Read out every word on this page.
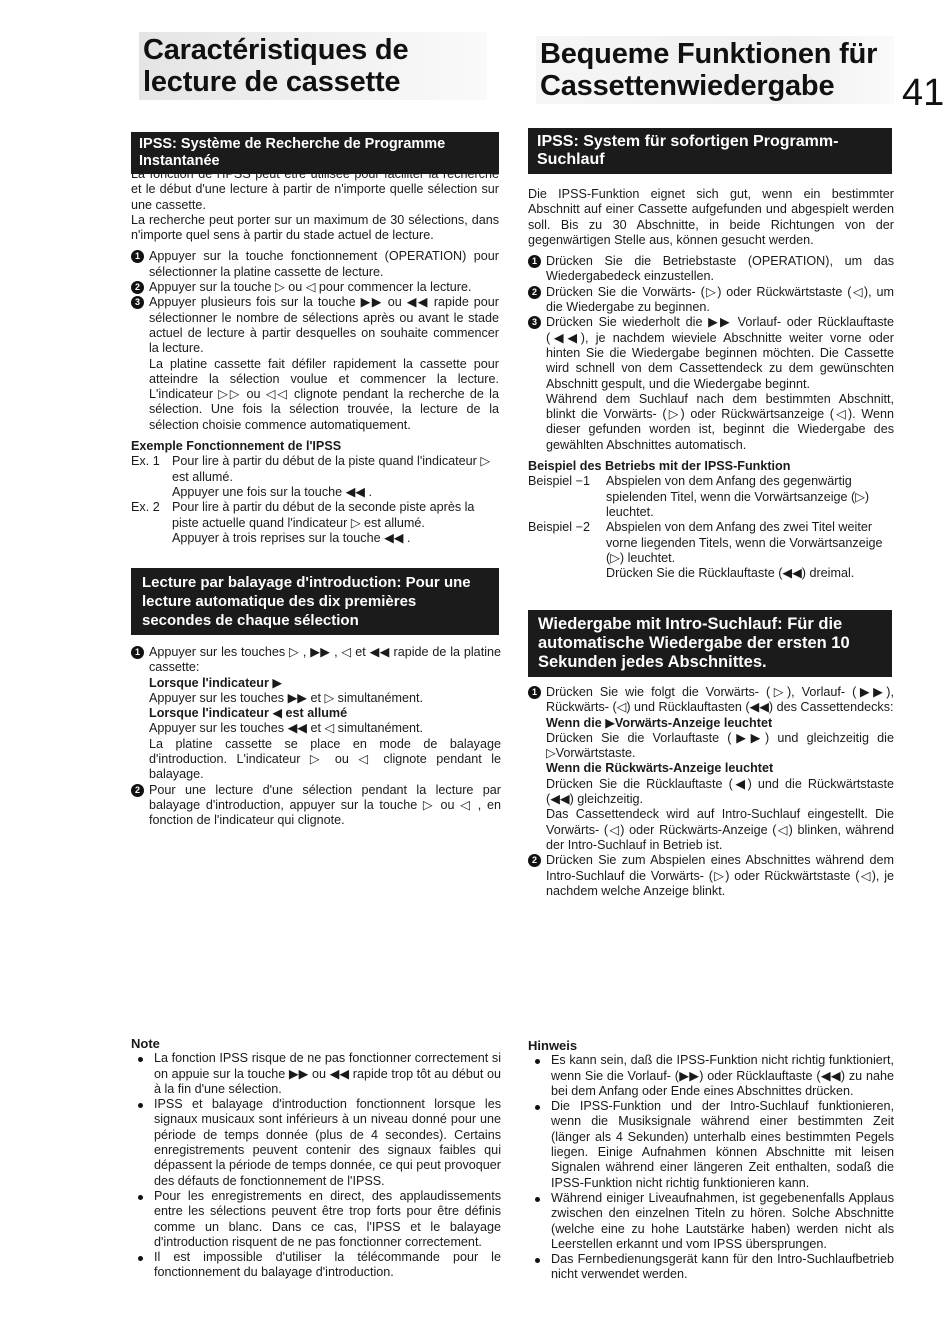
41
Caractéristiques de lecture de cassette
IPSS: Système de Recherche de Programme Instantanée

La fonction de l'IPSS peut être utilisée pour faciliter la recherche et le début d'une lecture à partir de n'importe quelle sélection sur une cassette.

La recherche peut porter sur un maximum de 30 sélections, dans n'importe quel sens à partir du stade actuel de lecture.

1 Appuyer sur la touche fonctionnement (OPERATION) pour sélectionner la platine cassette de lecture.
2 Appuyer sur la touche ▷ ou ◁ pour commencer la lecture.
3 Appuyer plusieurs fois sur la touche ▶▶ ou ◀◀ rapide pour sélectionner le nombre de sélections après ou avant le stade actuel de lecture à partir desquelles on souhaite commencer la lecture.
La platine cassette fait défiler rapidement la cassette pour atteindre la sélection voulue et commencer la lecture. L'indicateur ▷▷ ou ◁◁ clignote pendant la recherche de la sélection. Une fois la sélection trouvée, la lecture de la sélection choisie commence automatiquement.

Exemple Fonctionnement de l'IPSS

Ex. 1 Pour lire à partir du début de la piste quand l'indicateur ▷ est allumé.
Appuyer une fois sur la touche ◀◀ .
Ex. 2 Pour lire à partir du début de la seconde piste après la piste actuelle quand l'indicateur ▷ est allumé.
Appuyer à trois reprises sur la touche ◀◀ .
Lecture par balayage d'introduction: Pour une lecture automatique des dix premières secondes de chaque sélection
1 Appuyer sur les touches ▷ , ▶▶ , ◁ et ◀◀ rapide de la platine cassette:

Lorsque l'indicateur ▶
Appuyer sur les touches ▶▶ et ▷ simultanément.
Lorsque l'indicateur ◀ est allumé
Appuyer sur les touches ◀◀ et ◁ simultanément.
La platine cassette se place en mode de balayage d'introduction. L'indicateur ▷ ou ◁ clignote pendant le balayage.
2 Pour une lecture d'une sélection pendant la lecture par balayage d'introduction, appuyer sur la touche ▷ ou ◁ , en fonction de l'indicateur qui clignote.

Note

La fonction IPSS risque de ne pas fonctionner correctement si on appuie sur la touche ▶▶ ou ◀◀ rapide trop tôt au début ou à la fin d'une sélection.
IPSS et balayage d'introduction fonctionnent lorsque les signaux musicaux sont inférieurs à un niveau donné pour une période de temps donnée (plus de 4 secondes). Certains enregistrements peuvent contenir des signaux faibles qui dépassent la période de temps donnée, ce qui peut provoquer des défauts de fonctionnement de l'IPSS.
Pour les enregistrements en direct, des applaudissements entre les sélections peuvent être trop forts pour être définis comme un blanc. Dans ce cas, l'IPSS et le balayage d'introduction risquent de ne pas fonctionner correctement.
Il est impossible d'utiliser la télécommande pour le fonctionnement du balayage d'introduction.
Bequeme Funktionen für Cassettenwiedergabe
IPSS: System für sofortigen Programm-Suchlauf

Die IPSS-Funktion eignet sich gut, wenn ein bestimmter Abschnitt auf einer Cassette aufgefunden und abgespielt werden soll. Bis zu 30 Abschnitte, in beide Richtungen von der gegenwärtigen Stelle aus, können gesucht werden.

1 Drücken Sie die Betriebstaste (OPERATION), um das Wiedergabedeck einzustellen.
2 Drücken Sie die Vorwärts- (▷) oder Rückwärtstaste (◁), um die Wiedergabe zu beginnen.
3 Drücken Sie wiederholt die ▶▶ Vorlauf- oder Rücklauftaste (◀◀), je nachdem wieviele Abschnitte weiter vorne oder hinten Sie die Wiedergabe beginnen möchten. Die Cassette wird schnell von dem Cassettendeck zu dem gewünschten Abschnitt gespult, und die Wiedergabe beginnt.
Während dem Suchlauf nach dem bestimmten Abschnitt, blinkt die Vorwärts- (▷) oder Rückwärtsanzeige (◁). Wenn dieser gefunden worden ist, beginnt die Wiedergabe des gewählten Abschnittes automatisch.

Beispiel des Betriebs mit der IPSS-Funktion

Beispiel −1	Abspielen von dem Anfang des gegenwärtig spielenden Titel, wenn die Vorwärtsanzeige (▷) leuchtet.
Beispiel −2	Abspielen von dem Anfang des zwei Titel weiter vorne liegenden Titels, wenn die Vorwärtsanzeige (▷) leuchtet.
Drücken Sie die Rücklauftaste (◀◀) dreimal.
Wiedergabe mit Intro-Suchlauf: Für die automatische Wiedergabe der ersten 10 Sekunden jedes Abschnittes.
1 Drücken Sie wie folgt die Vorwärts- (▷), Vorlauf- (▶▶), Rückwärts- (◁) und Rücklauftasten (◀◀) des Cassettendecks:

Wenn die ▶Vorwärts-Anzeige leuchtet
Drücken Sie die Vorlauftaste (▶▶) und gleichzeitig die ▷Vorwärtstaste.
Wenn die Rückwärts-Anzeige leuchtet
Drücken Sie die Rücklauftaste (◀) und die Rückwärtstaste (◀◀) gleichzeitig.
Das Cassettendeck wird auf Intro-Suchlauf eingestellt. Die Vorwärts- (◁) oder Rückwärts-Anzeige (◁) blinken, während der Intro-Suchlauf in Betrieb ist.
2 Drücken Sie zum Abspielen eines Abschnittes während dem Intro-Suchlauf die Vorwärts- (▷) oder Rückwärtstaste (◁), je nachdem welche Anzeige blinkt.

Hinweis

Es kann sein, daß die IPSS-Funktion nicht richtig funktioniert, wenn Sie die Vorlauf- (▶▶) oder Rücklauftaste (◀◀) zu nahe bei dem Anfang oder Ende eines Abschnittes drücken.
Die IPSS-Funktion und der Intro-Suchlauf funktionieren, wenn die Musiksignale während einer bestimmten Zeit (länger als 4 Sekunden) unterhalb eines bestimmten Pegels liegen. Einige Aufnahmen können Abschnitte mit leisen Signalen während einer längeren Zeit enthalten, sodaß die IPSS-Funktion nicht richtig funktionieren kann.
Während einiger Liveaufnahmen, ist gegebenenfalls Applaus zwischen den einzelnen Titeln zu hören. Solche Abschnitte (welche eine zu hohe Lautstärke haben) werden nicht als Leerstellen erkannt und vom IPSS übersprungen.
Das Fernbedienungsgerät kann für den Intro-Suchlaufbetrieb nicht verwendet werden.
